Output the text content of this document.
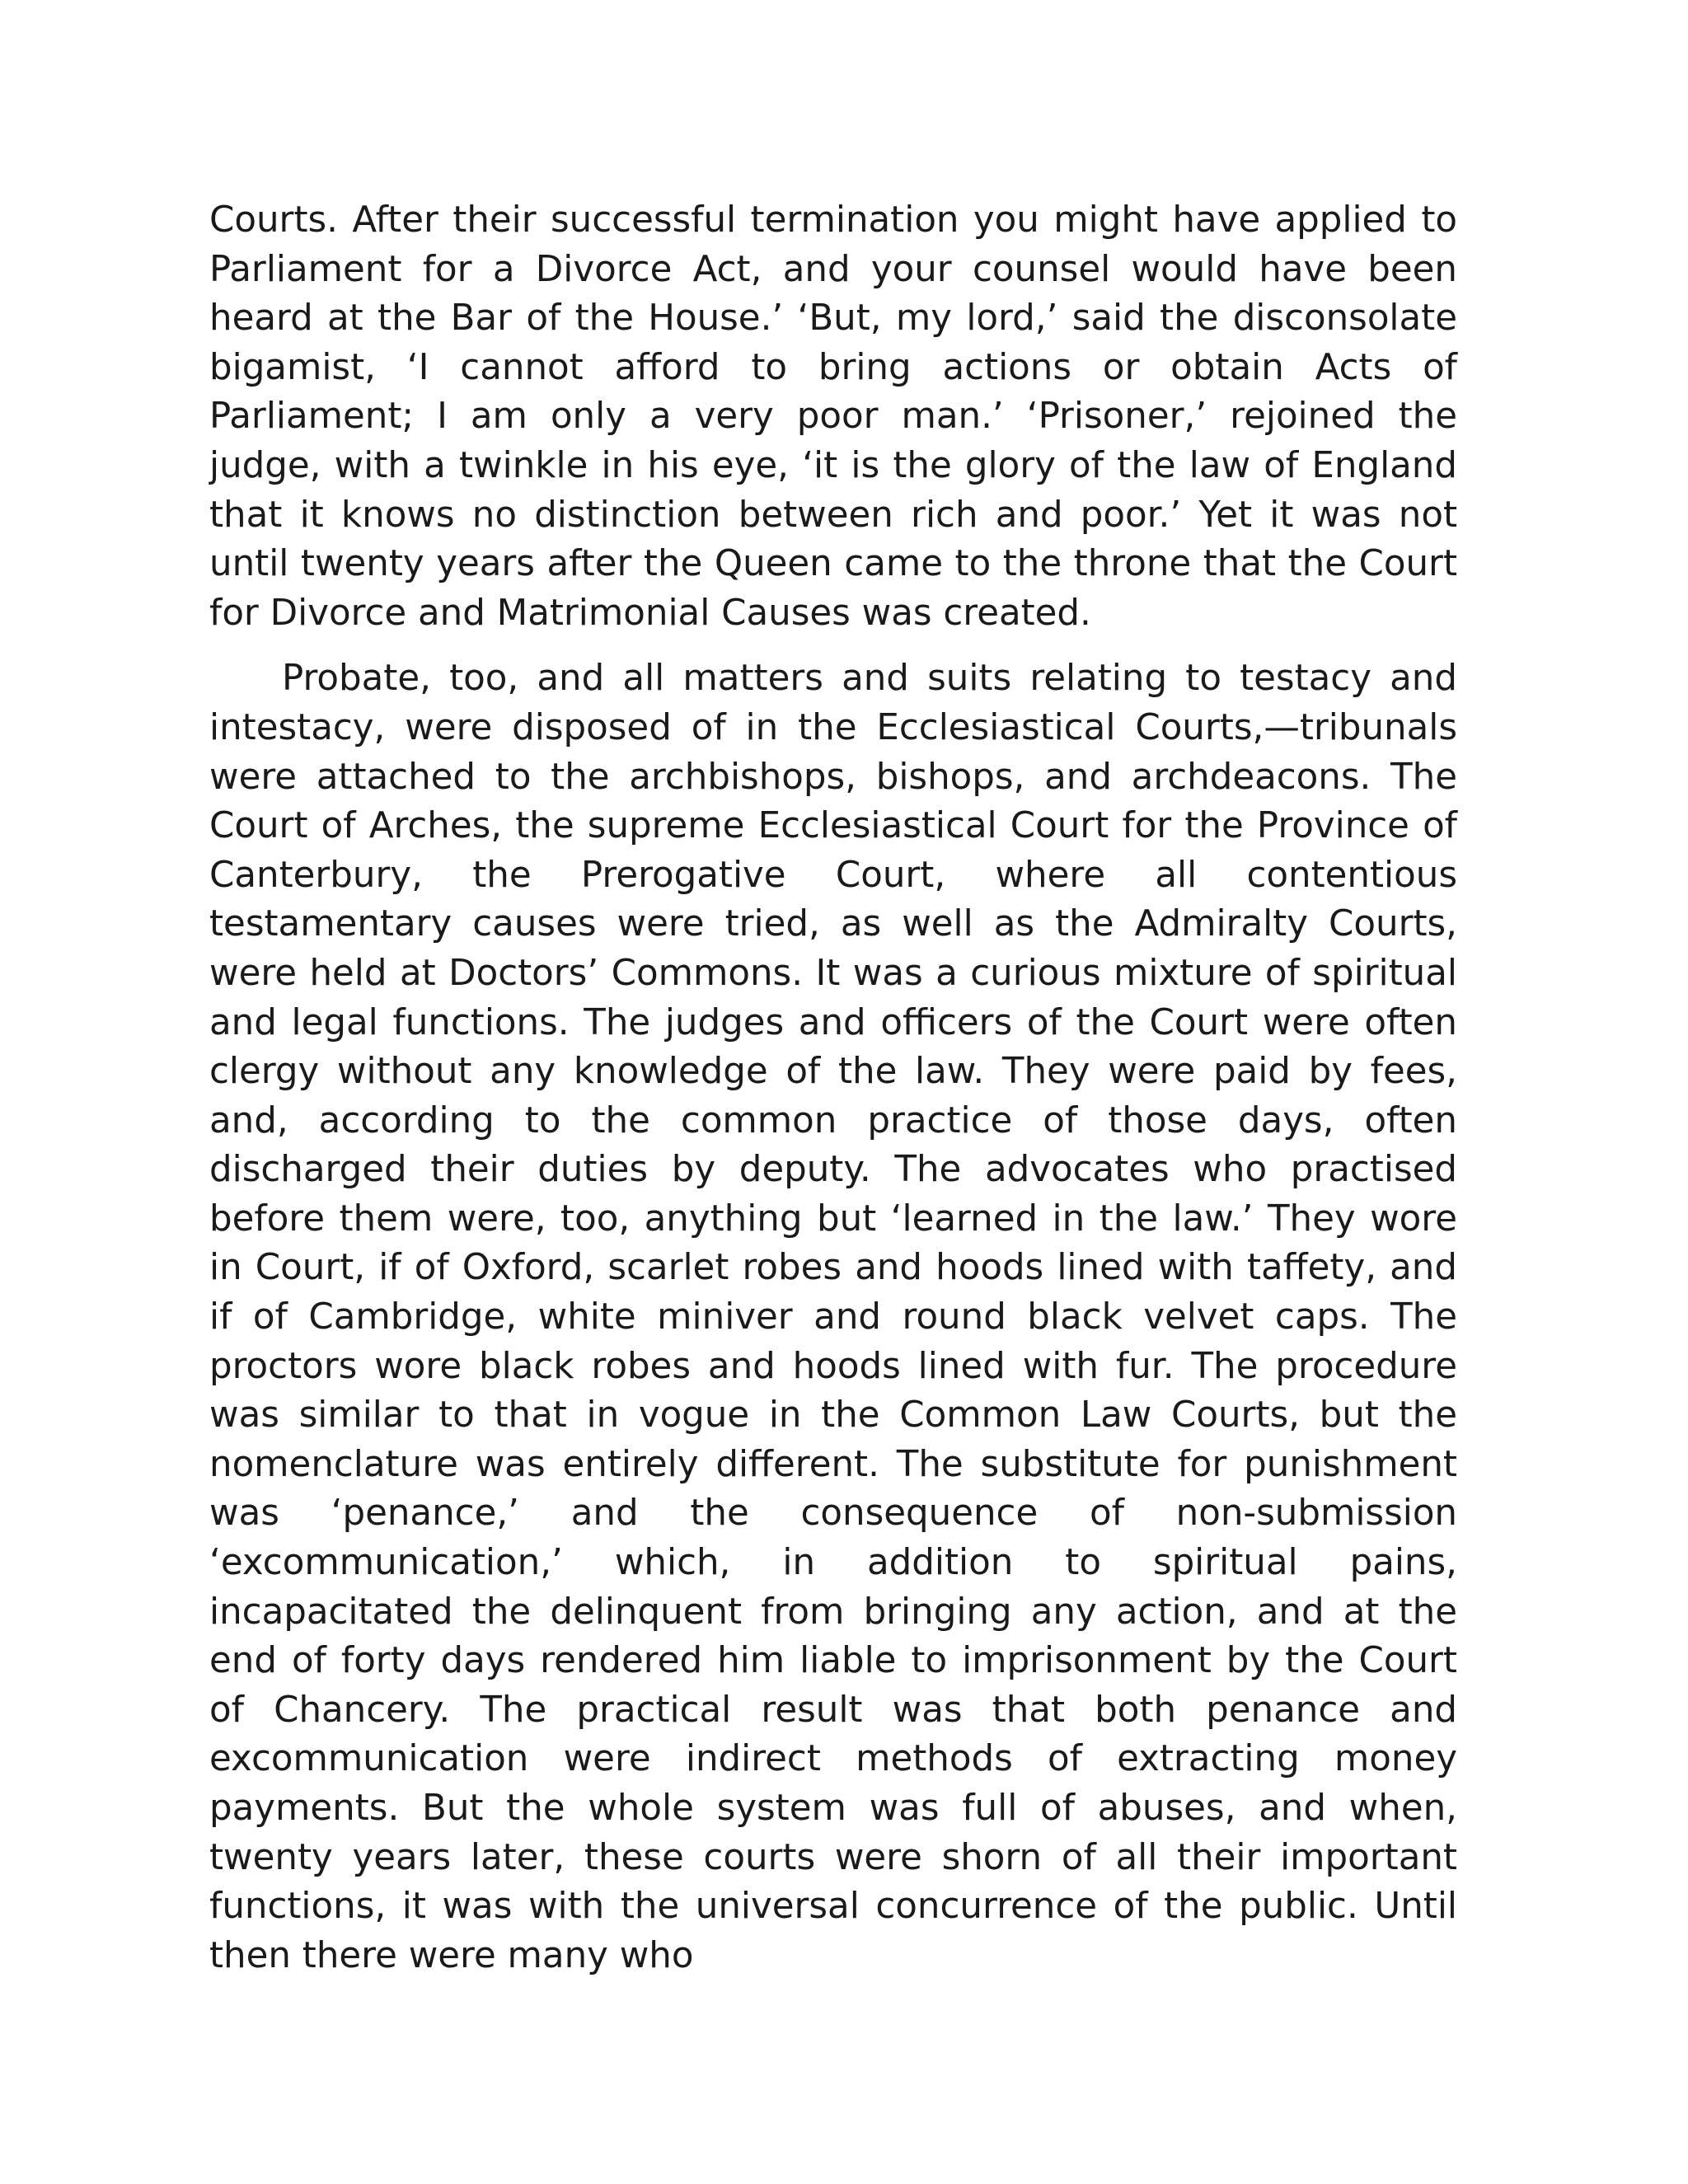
Courts. After their successful termination you might have applied to Parliament for a Divorce Act, and your counsel would have been heard at the Bar of the House.’ ‘But, my lord,’ said the disconsolate bigamist, ‘I cannot afford to bring actions or obtain Acts of Parliament; I am only a very poor man.’ ‘Prisoner,’ rejoined the judge, with a twinkle in his eye, ‘it is the glory of the law of England that it knows no distinction between rich and poor.’ Yet it was not until twenty years after the Queen came to the throne that the Court for Divorce and Matrimonial Causes was created.

Probate, too, and all matters and suits relating to testacy and intestacy, were disposed of in the Ecclesiastical Courts,—tribunals were attached to the archbishops, bishops, and archdeacons. The Court of Arches, the supreme Ecclesiastical Court for the Province of Canterbury, the Prerogative Court, where all contentious testamentary causes were tried, as well as the Admiralty Courts, were held at Doctors’ Commons. It was a curious mixture of spiritual and legal functions. The judges and officers of the Court were often clergy without any knowledge of the law. They were paid by fees, and, according to the common practice of those days, often discharged their duties by deputy. The advocates who practised before them were, too, anything but ‘learned in the law.’ They wore in Court, if of Oxford, scarlet robes and hoods lined with taffety, and if of Cambridge, white miniver and round black velvet caps. The proctors wore black robes and hoods lined with fur. The procedure was similar to that in vogue in the Common Law Courts, but the nomenclature was entirely different. The substitute for punishment was ‘penance,’ and the consequence of non-submission ‘excommunication,’ which, in addition to spiritual pains, incapacitated the delinquent from bringing any action, and at the end of forty days rendered him liable to imprisonment by the Court of Chancery. The practical result was that both penance and excommunication were indirect methods of extracting money payments. But the whole system was full of abuses, and when, twenty years later, these courts were shorn of all their important functions, it was with the universal concurrence of the public. Until then there were many who
